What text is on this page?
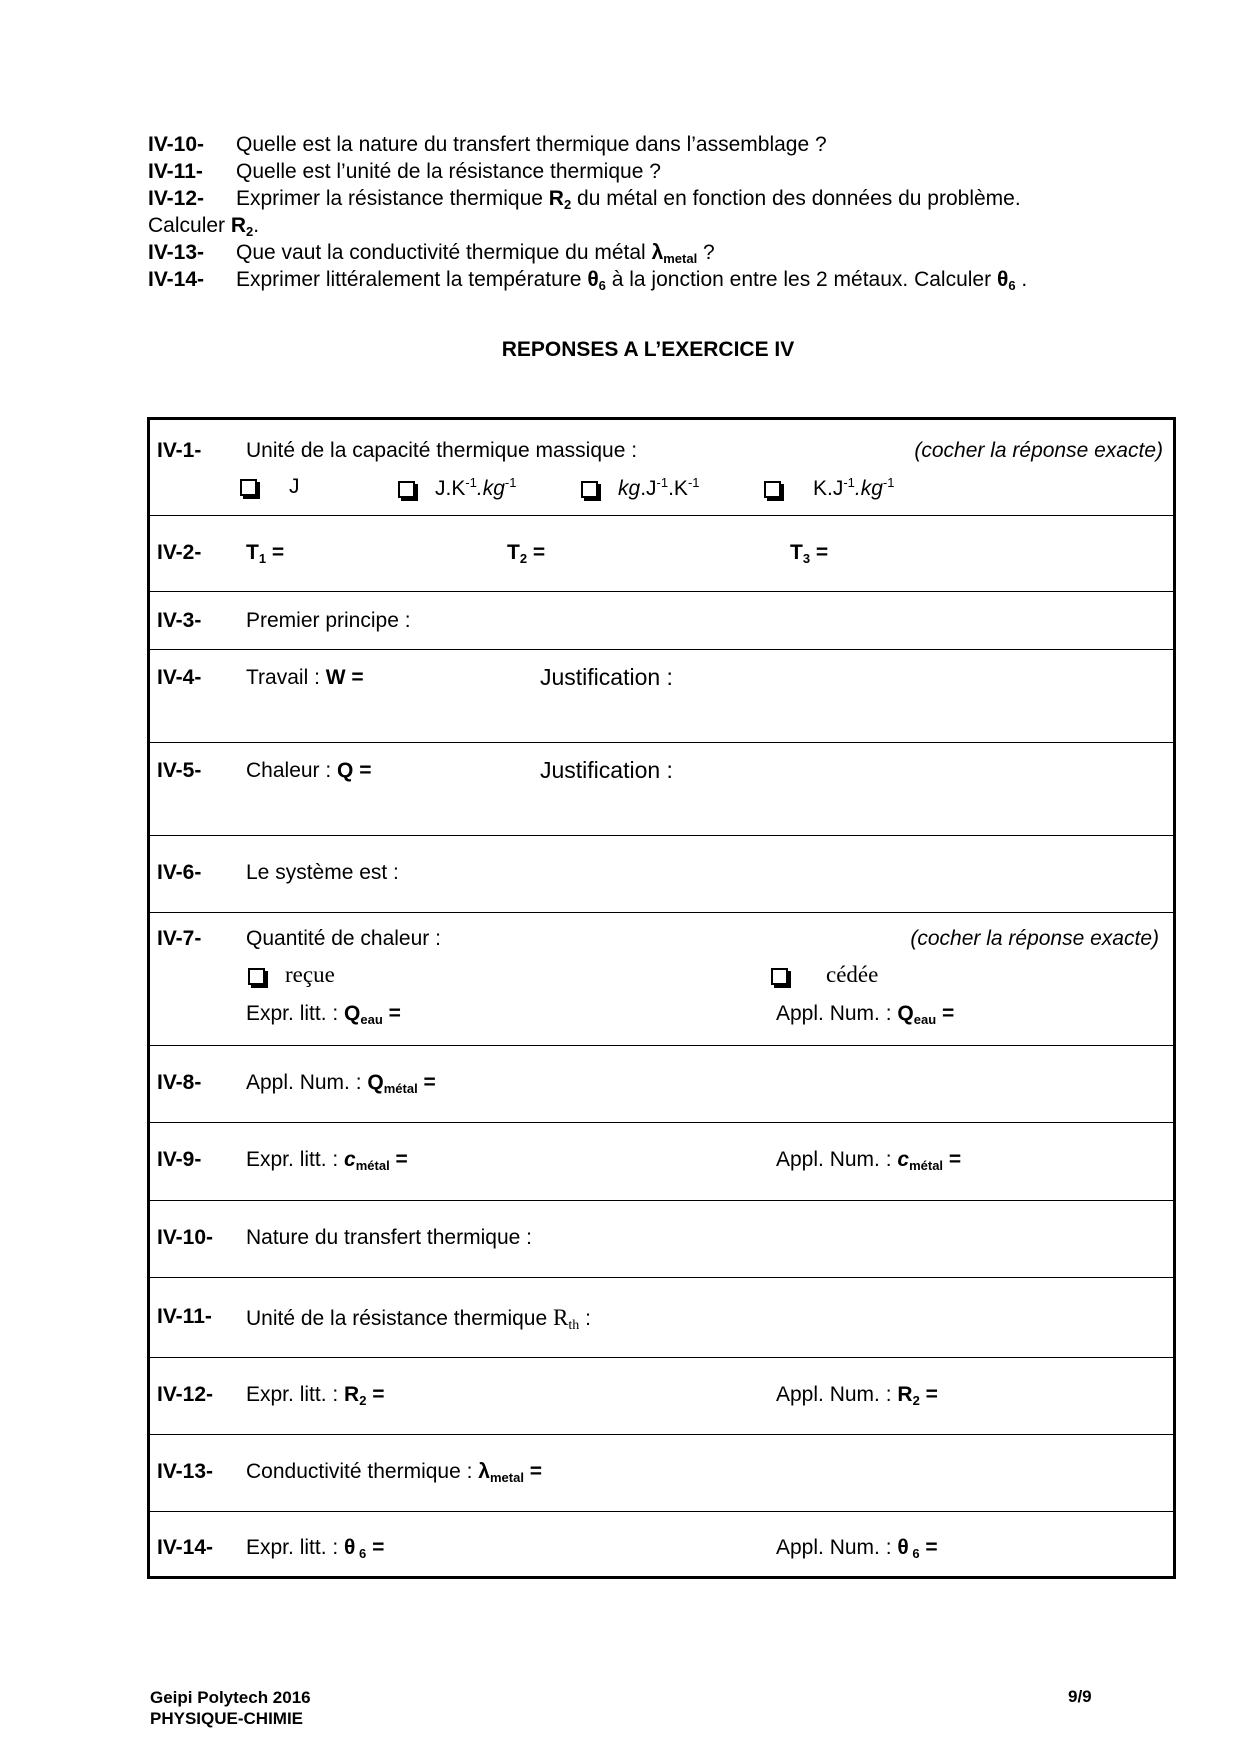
IV-10- Quelle est la nature du transfert thermique dans l’assemblage ?
IV-11- Quelle est l’unité de la résistance thermique ?
IV-12- Exprimer la résistance thermique $R_2$ du métal en fonction des données du problème.
Calculer $R_2$.
IV-13- Que vaut la conductivité thermique du métal $\lambda_{metal}$ ?
IV-14- Exprimer littéralement la température $\theta_6$ à la jonction entre les 2 métaux. Calculer $\theta_6$ .
REPONSES A L’EXERCICE IV
IV-1- Unité de la capacité thermique massique :	(cocher la réponse exacte)
J	$J.K^{-1}.kg^{-1}$	$kg.J^{-1}.K^{-1}$	$K.J^{-1}.kg^{-1}$
IV-2- $T_1$ =	$T_2$ =	$T_3$ =
IV-3- Premier principe :
IV-4- Travail : W =	Justification :
IV-5- Chaleur : Q =	Justification :
IV-6- Le système est :
IV-7- Quantité de chaleur :	(cocher la réponse exacte)
reçue	cédée
Expr. litt. : $Q_{eau}$ =	Appl. Num. : $Q_{eau}$ =
IV-8- Appl. Num. : $Q_{métal}$ =
IV-9- Expr. litt. : $c_{métal}$ =	Appl. Num. : $c_{métal}$ =
IV-10- Nature du transfert thermique :
IV-11- Unité de la résistance thermique $R_{th}$ :
IV-12- Expr. litt. : $R_2$ =	Appl. Num. : $R_2$ =
IV-13- Conductivité thermique : $\lambda_{metal}$ =
IV-14- Expr. litt. : θ $_6$ =	Appl. Num. : θ $_6$ =
Geipi Polytech 2016
PHYSIQUE-CHIMIE
9/9
